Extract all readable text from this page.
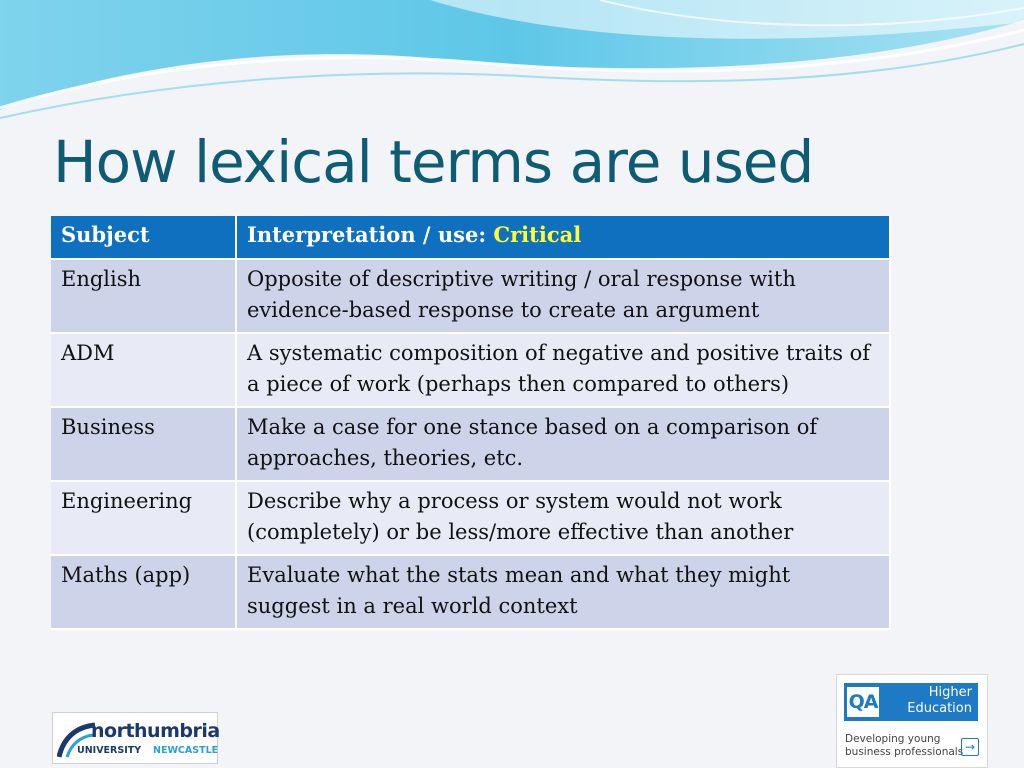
How lexical terms are used
Subject	Interpretation / use: Critical
English	Opposite of descriptive writing / oral response with evidence-based response to create an argument
ADM	A systematic composition of negative and positive traits of a piece of work (perhaps then compared to others)
Business	Make a case for one stance based on a comparison of approaches, theories, etc.
Engineering	Describe why a process or system would not work (completely) or be less/more effective than another
Maths (app)	Evaluate what the stats mean and what they might suggest in a real world context
northumbria
UNIVERSITY NEWCASTLE
QA	Higher
Education
Developing young
business professionals →
